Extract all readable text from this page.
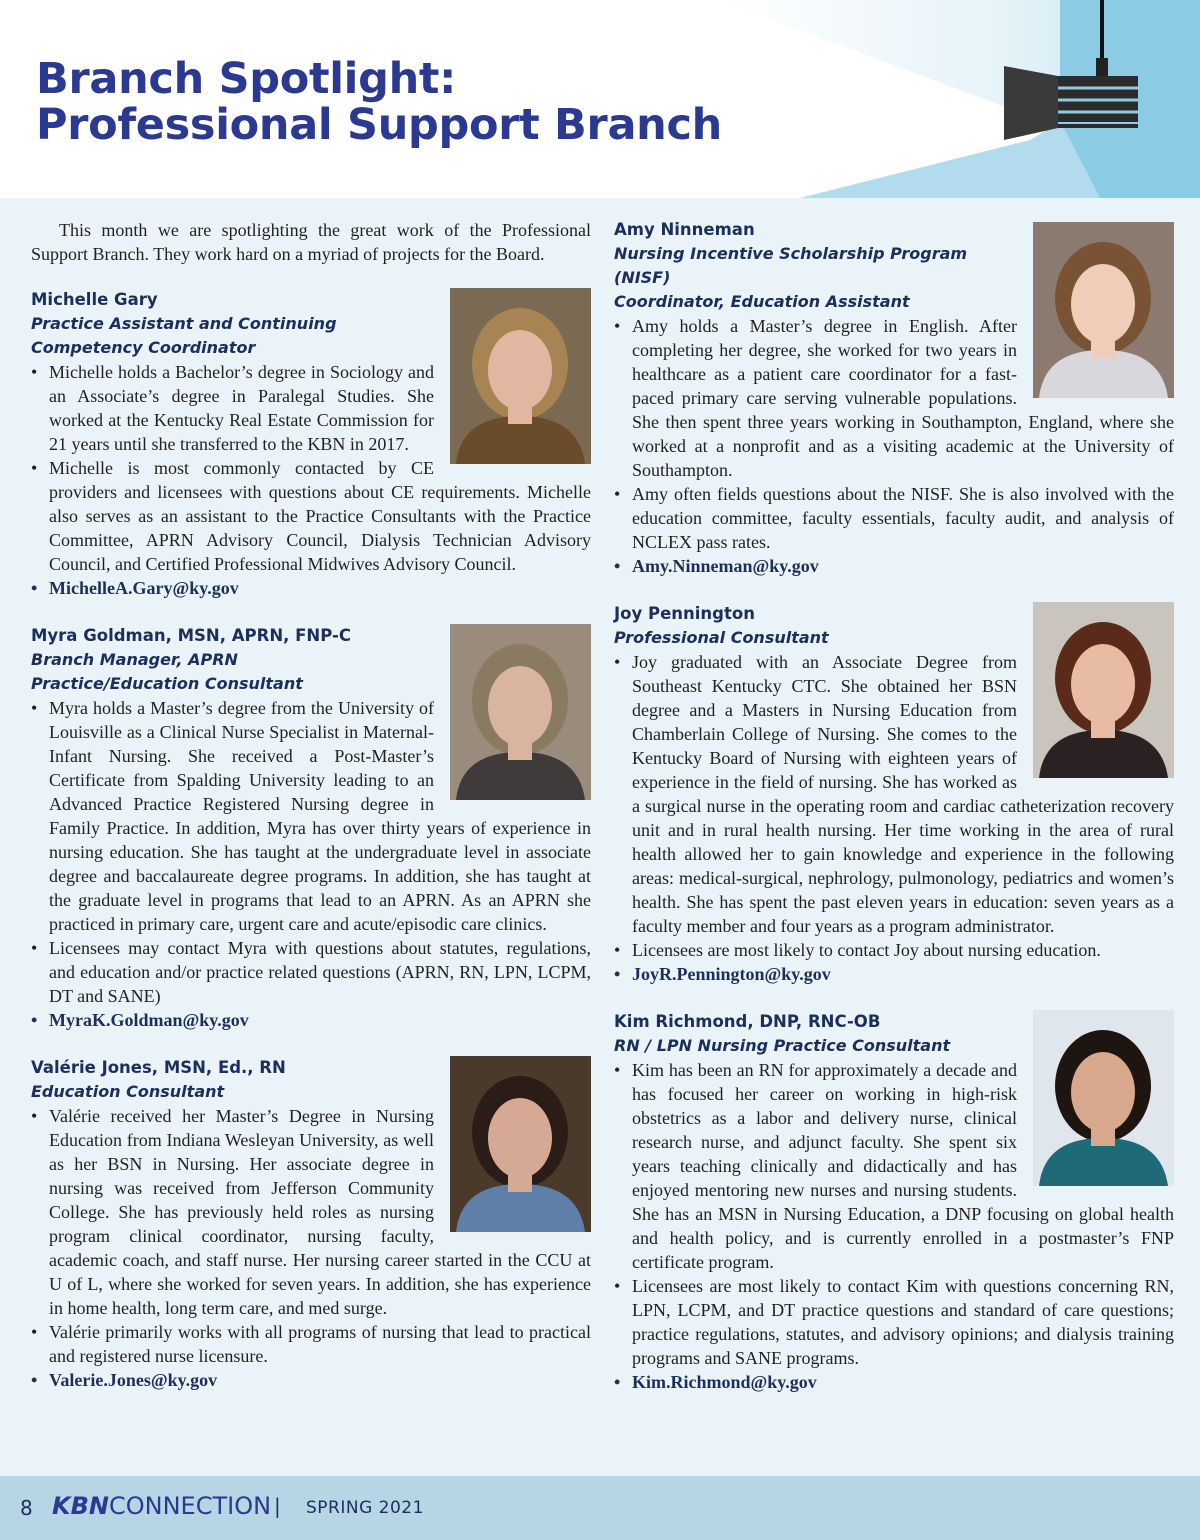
Branch Spotlight:
Professional Support Branch

This month we are spotlighting the great work of the Professional Support Branch. They work hard on a myriad of projects for the Board.

Michelle Gary
Practice Assistant and Continuing
Competency Coordinator
• Michelle holds a Bachelor’s degree in Sociology and an Associate’s degree in Paralegal Studies. She worked at the Kentucky Real Estate Commission for 21 years until she transferred to the KBN in 2017.
• Michelle is most commonly contacted by CE providers and licensees with questions about CE requirements. Michelle also serves as an assistant to the Practice Consultants with the Practice Committee, APRN Advisory Council, Dialysis Technician Advisory Council, and Certified Professional Midwives Advisory Council.
• MichelleA.Gary@ky.gov
Myra Goldman, MSN, APRN, FNP-C
Branch Manager, APRN
Practice/Education Consultant
• Myra holds a Master’s degree from the University of Louisville as a Clinical Nurse Specialist in Maternal-Infant Nursing. She received a Post-Master’s Certificate from Spalding University leading to an Advanced Practice Registered Nursing degree in Family Practice. In addition, Myra has over thirty years of experience in nursing education. She has taught at the undergraduate level in associate degree and baccalaureate degree programs. In addition, she has taught at the graduate level in programs that lead to an APRN. As an APRN she practiced in primary care, urgent care and acute/episodic care clinics.
• Licensees may contact Myra with questions about statutes, regulations, and education and/or practice related questions (APRN, RN, LPN, LCPM, DT and SANE)
• MyraK.Goldman@ky.gov
Valérie Jones, MSN, Ed., RN
Education Consultant
• Valérie received her Master’s Degree in Nursing Education from Indiana Wesleyan University, as well as her BSN in Nursing. Her associate degree in nursing was received from Jefferson Community College. She has previously held roles as nursing program clinical coordinator, nursing faculty, academic coach, and staff nurse. Her nursing career started in the CCU at U of L, where she worked for seven years. In addition, she has experience in home health, long term care, and med surge.
• Valérie primarily works with all programs of nursing that lead to practical and registered nurse licensure.
• Valerie.Jones@ky.gov
Amy Ninneman
Nursing Incentive Scholarship Program (NISF)
Coordinator, Education Assistant
• Amy holds a Master’s degree in English. After completing her degree, she worked for two years in healthcare as a patient care coordinator for a fast-paced primary care serving vulnerable populations. She then spent three years working in Southampton, England, where she worked at a nonprofit and as a visiting academic at the University of Southampton.
• Amy often fields questions about the NISF. She is also involved with the education committee, faculty essentials, faculty audit, and analysis of NCLEX pass rates.
• Amy.Ninneman@ky.gov
Joy Pennington
Professional Consultant
• Joy graduated with an Associate Degree from Southeast Kentucky CTC. She obtained her BSN degree and a Masters in Nursing Education from Chamberlain College of Nursing. She comes to the Kentucky Board of Nursing with eighteen years of experience in the field of nursing. She has worked as a surgical nurse in the operating room and cardiac catheterization recovery unit and in rural health nursing. Her time working in the area of rural health allowed her to gain knowledge and experience in the following areas: medical-surgical, nephrology, pulmonology, pediatrics and women’s health. She has spent the past eleven years in education: seven years as a faculty member and four years as a program administrator.
• Licensees are most likely to contact Joy about nursing education.
• JoyR.Pennington@ky.gov
Kim Richmond, DNP, RNC-OB
RN / LPN Nursing Practice Consultant
• Kim has been an RN for approximately a decade and has focused her career on working in high-risk obstetrics as a labor and delivery nurse, clinical research nurse, and adjunct faculty. She spent six years teaching clinically and didactically and has enjoyed mentoring new nurses and nursing students. She has an MSN in Nursing Education, a DNP focusing on global health and health policy, and is currently enrolled in a postmaster’s FNP certificate program.
• Licensees are most likely to contact Kim with questions concerning RN, LPN, LCPM, and DT practice questions and standard of care questions; practice regulations, statutes, and advisory opinions; and dialysis training programs and SANE programs.
• Kim.Richmond@ky.gov
8 KBNCONNECTION | SPRING 2021
